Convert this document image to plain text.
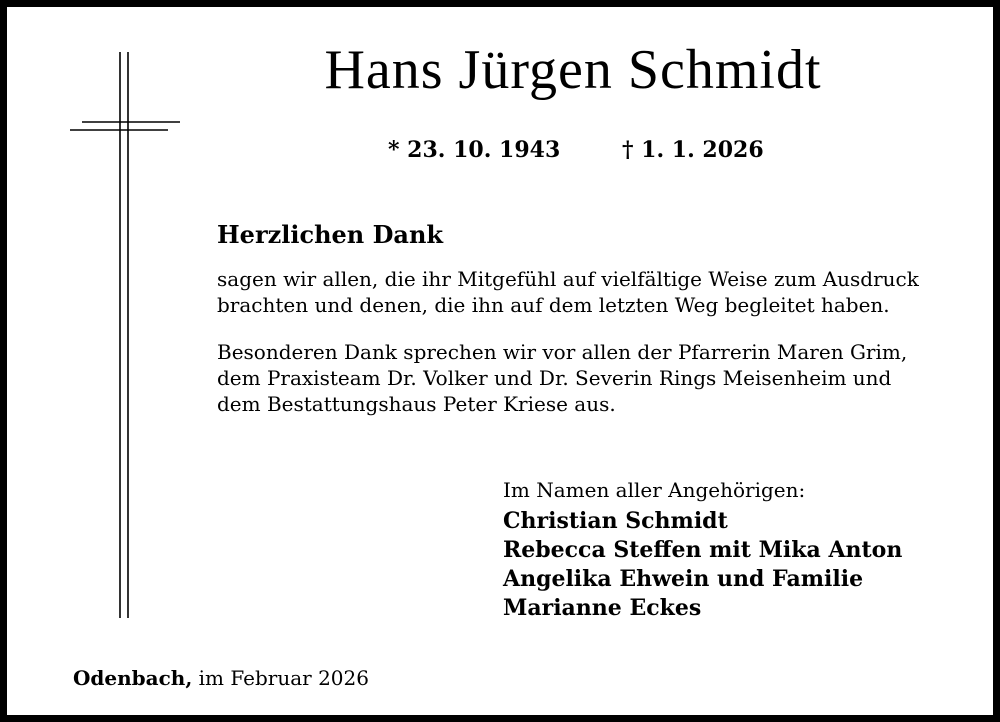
Hans Jürgen Schmidt
* 23. 10. 1943	† 1. 1. 2026
Herzlichen Dank
sagen wir allen, die ihr Mitgefühl auf vielfältige Weise zum Ausdruck
brachten und denen, die ihn auf dem letzten Weg begleitet haben.
Besonderen Dank sprechen wir vor allen der Pfarrerin Maren Grim,
dem Praxisteam Dr. Volker und Dr. Severin Rings Meisenheim und
dem Bestattungshaus Peter Kriese aus.
Im Namen aller Angehörigen:
Christian Schmidt
Rebecca Steffen mit Mika Anton
Angelika Ehwein und Familie
Marianne Eckes
Odenbach, im Februar 2026
